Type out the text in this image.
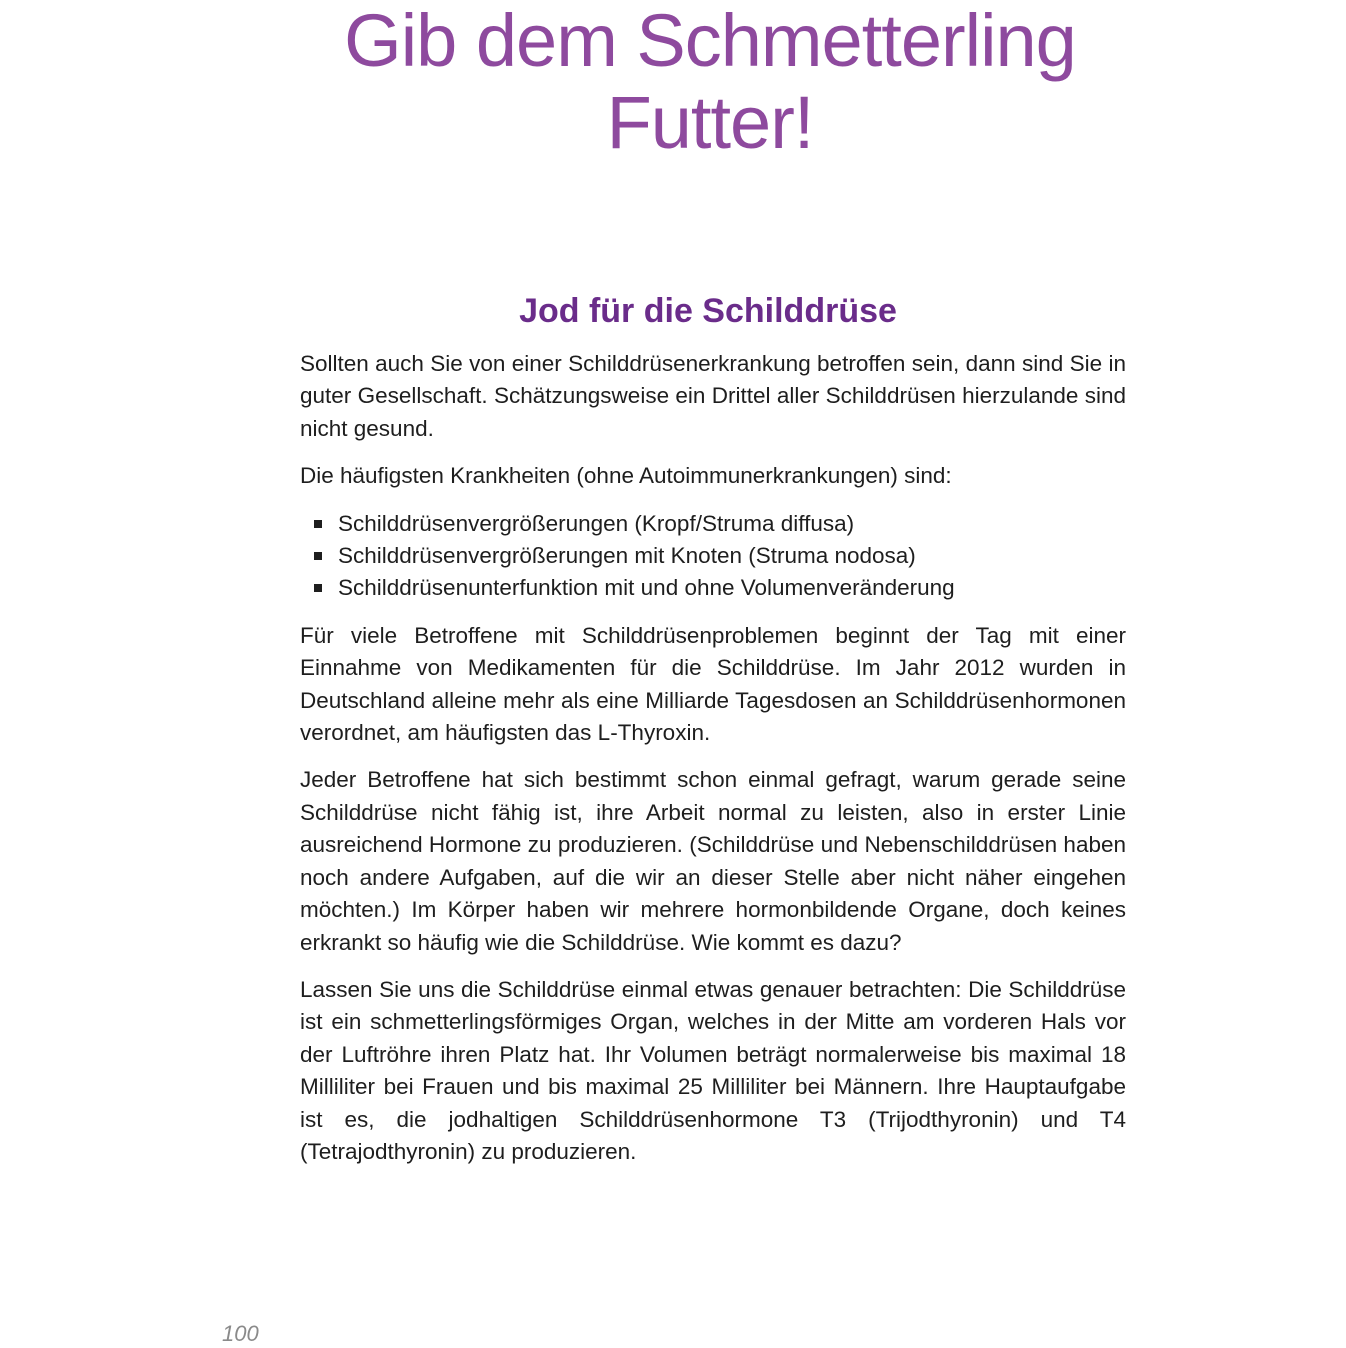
Gib dem Schmetterling
Futter!
Jod für die Schilddrüse

Sollten auch Sie von einer Schilddrüsenerkrankung betroffen sein, dann sind Sie in guter Gesellschaft. Schätzungsweise ein Drittel aller Schilddrüsen hierzulande sind nicht gesund.

Die häufigsten Krankheiten (ohne Autoimmunerkrankungen) sind:

Schilddrüsenvergrößerungen (Kropf/Struma diffusa)
Schilddrüsenvergrößerungen mit Knoten (Struma nodosa)
Schilddrüsenunterfunktion mit und ohne Volumenveränderung

Für viele Betroffene mit Schilddrüsenproblemen beginnt der Tag mit einer Einnahme von Medikamenten für die Schilddrüse. Im Jahr 2012 wurden in Deutschland alleine mehr als eine Milliarde Tagesdosen an Schilddrüsenhormonen verordnet, am häufigsten das L-Thyroxin.

Jeder Betroffene hat sich bestimmt schon einmal gefragt, warum gerade seine Schilddrüse nicht fähig ist, ihre Arbeit normal zu leisten, also in erster Linie ausreichend Hormone zu produzieren. (Schilddrüse und Nebenschilddrüsen haben noch andere Aufgaben, auf die wir an dieser Stelle aber nicht näher eingehen möchten.) Im Körper haben wir mehrere hormonbildende Organe, doch keines erkrankt so häufig wie die Schilddrüse. Wie kommt es dazu?

Lassen Sie uns die Schilddrüse einmal etwas genauer betrachten: Die Schilddrüse ist ein schmetterlingsförmiges Organ, welches in der Mitte am vorderen Hals vor der Luftröhre ihren Platz hat. Ihr Volumen beträgt normalerweise bis maximal 18 Milliliter bei Frauen und bis maximal 25 Milliliter bei Männern. Ihre Hauptaufgabe ist es, die jodhaltigen Schilddrüsenhormone T3 (Trijodthyronin) und T4 (Tetrajodthyronin) zu produzieren.

100
